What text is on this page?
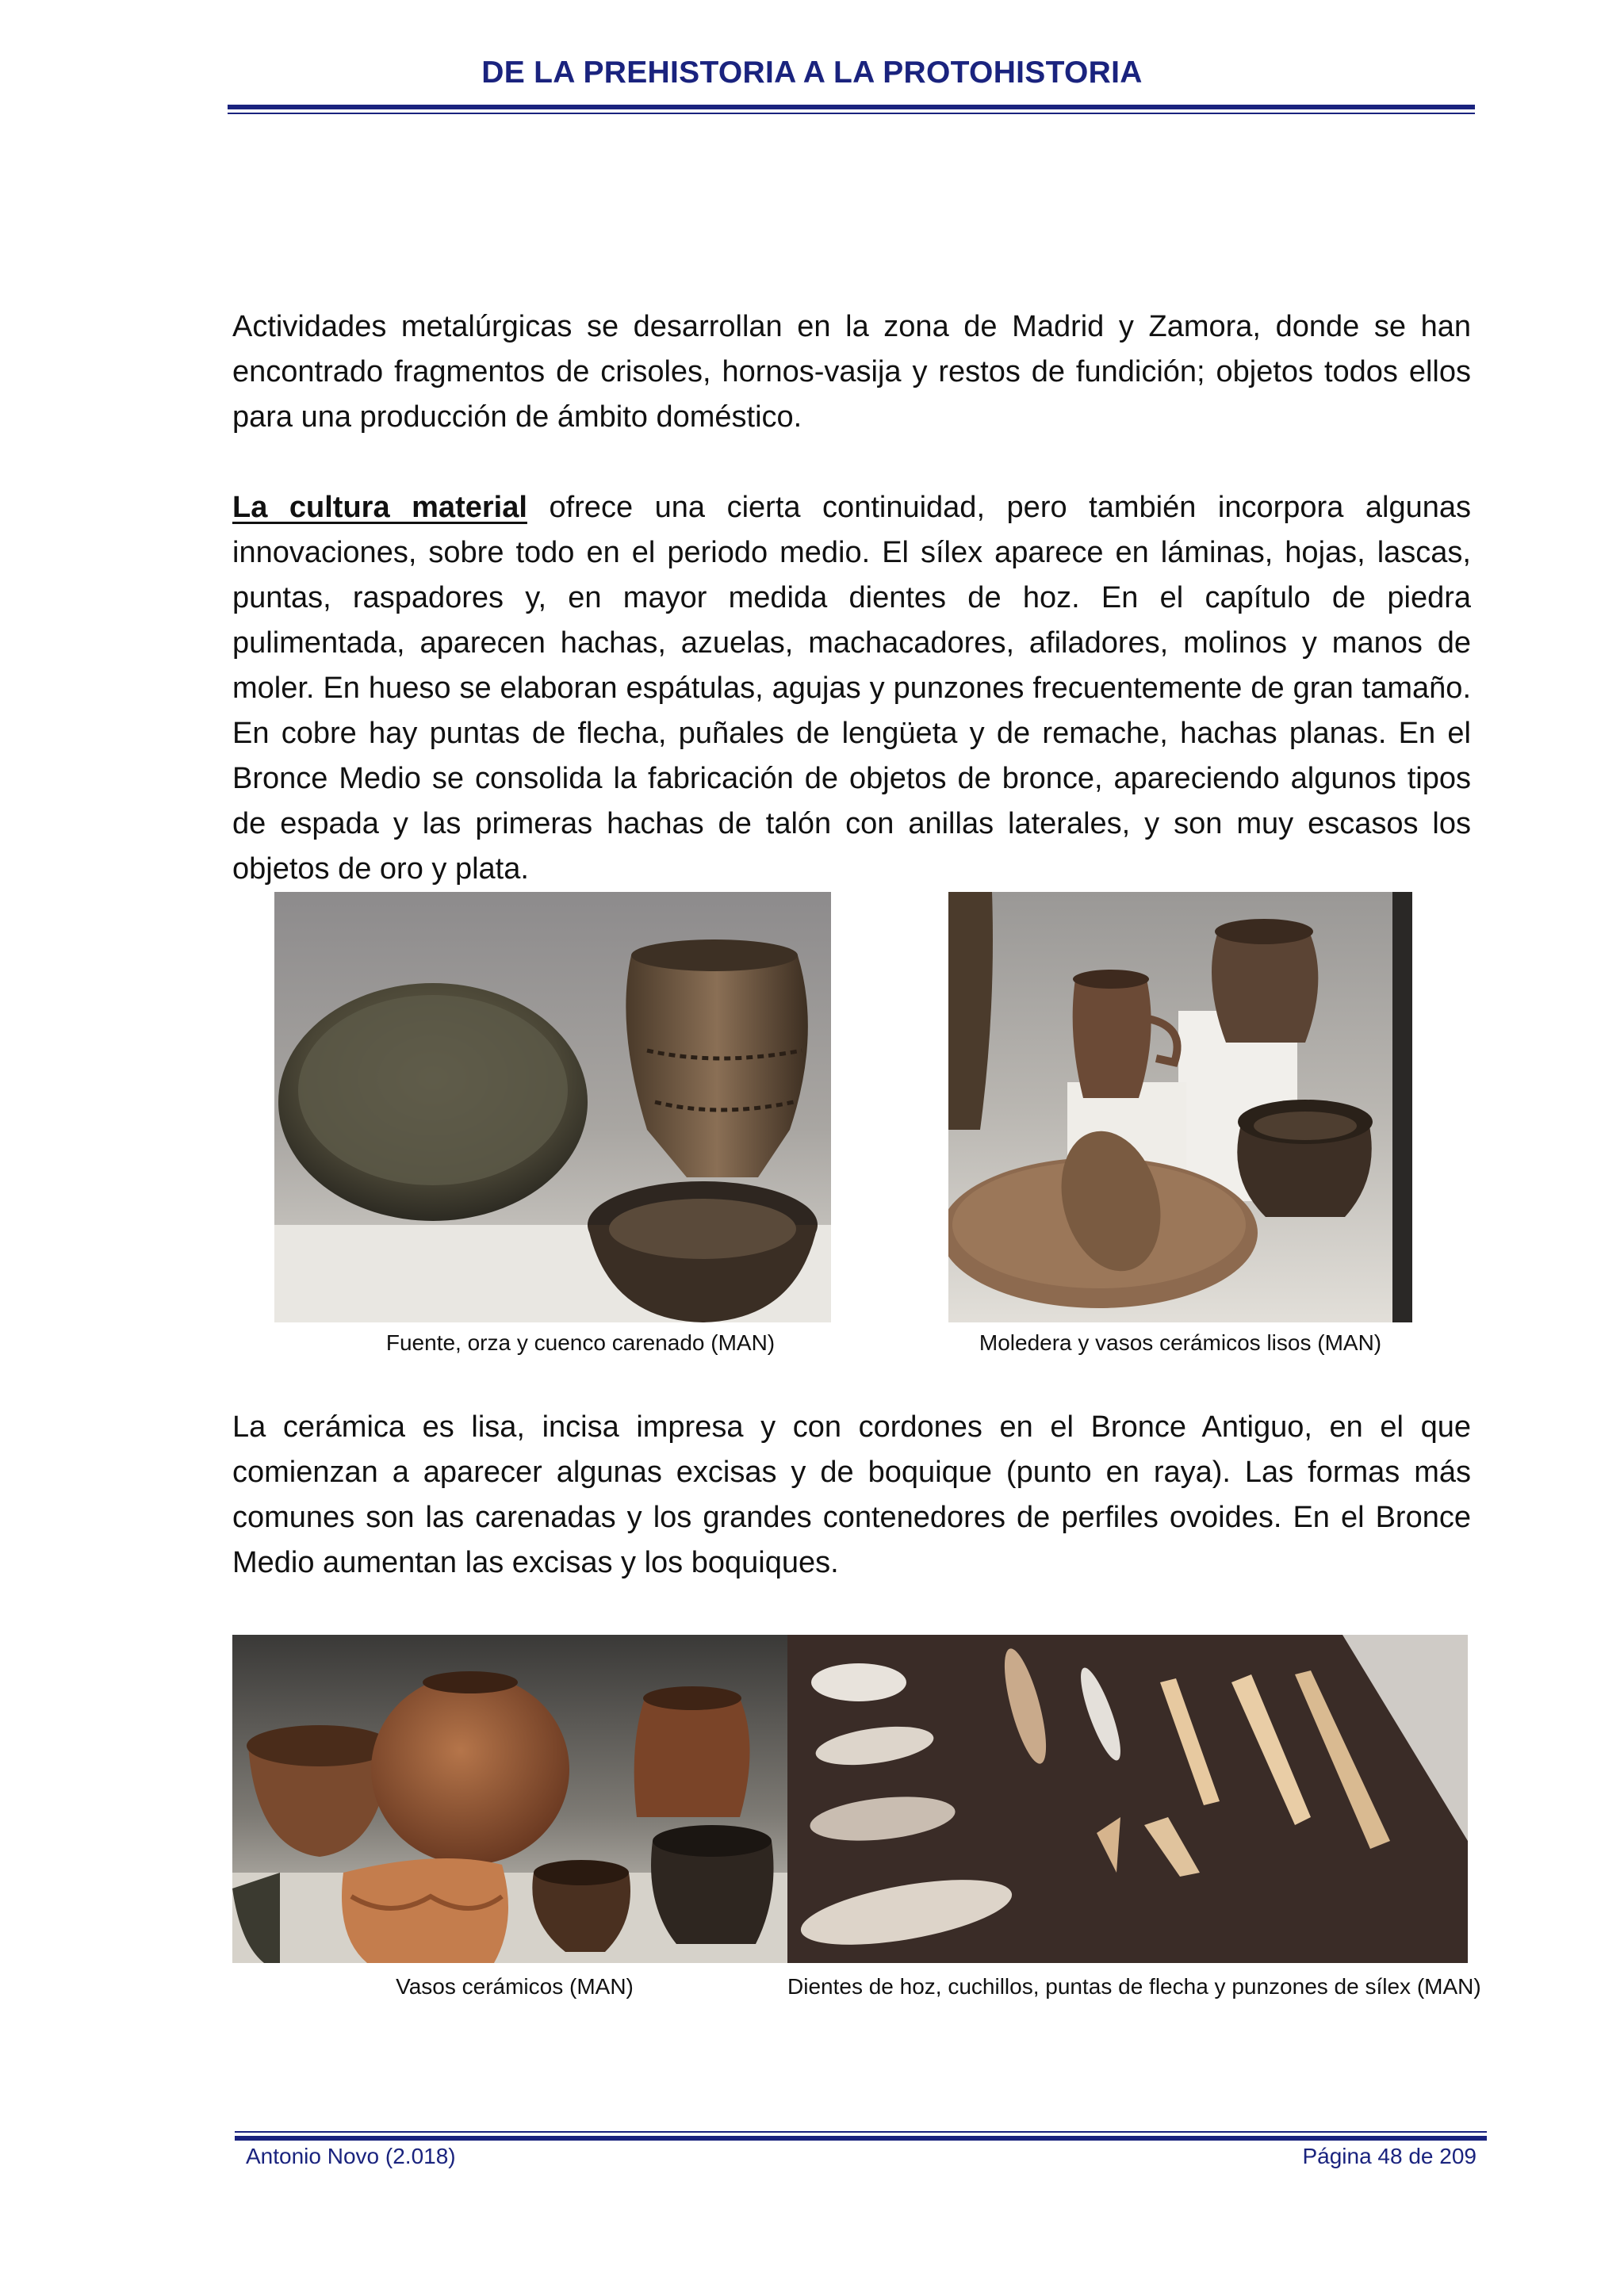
DE LA PREHISTORIA A LA PROTOHISTORIA

Actividades metalúrgicas se desarrollan en la zona de Madrid y Zamora, donde se han encontrado fragmentos de crisoles, hornos-vasija y restos de fundición; objetos todos ellos para una producción de ámbito doméstico.

La cultura material ofrece una cierta continuidad, pero también incorpora algunas innovaciones, sobre todo en el periodo medio. El sílex aparece en láminas, hojas, lascas, puntas, raspadores y, en mayor medida dientes de hoz. En el capítulo de piedra pulimentada, aparecen hachas, azuelas, machacadores, afiladores, molinos y manos de moler. En hueso se elaboran espátulas, agujas y punzones frecuentemente de gran tamaño. En cobre hay puntas de flecha, puñales de lengüeta y de remache, hachas planas. En el Bronce Medio se consolida la fabricación de objetos de bronce, apareciendo algunos tipos de espada y las primeras hachas de talón con anillas laterales, y son muy escasos los objetos de oro y plata.

Fuente, orza y cuenco carenado (MAN)	Moledera y vasos cerámicos lisos (MAN)

La cerámica es lisa, incisa impresa y con cordones en el Bronce Antiguo, en el que comienzan a aparecer algunas excisas y de boquique (punto en raya). Las formas más comunes son las carenadas y los grandes contenedores de perfiles ovoides. En el Bronce Medio aumentan las excisas y los boquiques.

Vasos cerámicos (MAN)	Dientes de hoz, cuchillos, puntas de flecha y punzones de sílex (MAN)
Antonio Novo (2.018)	Página 48 de 209
